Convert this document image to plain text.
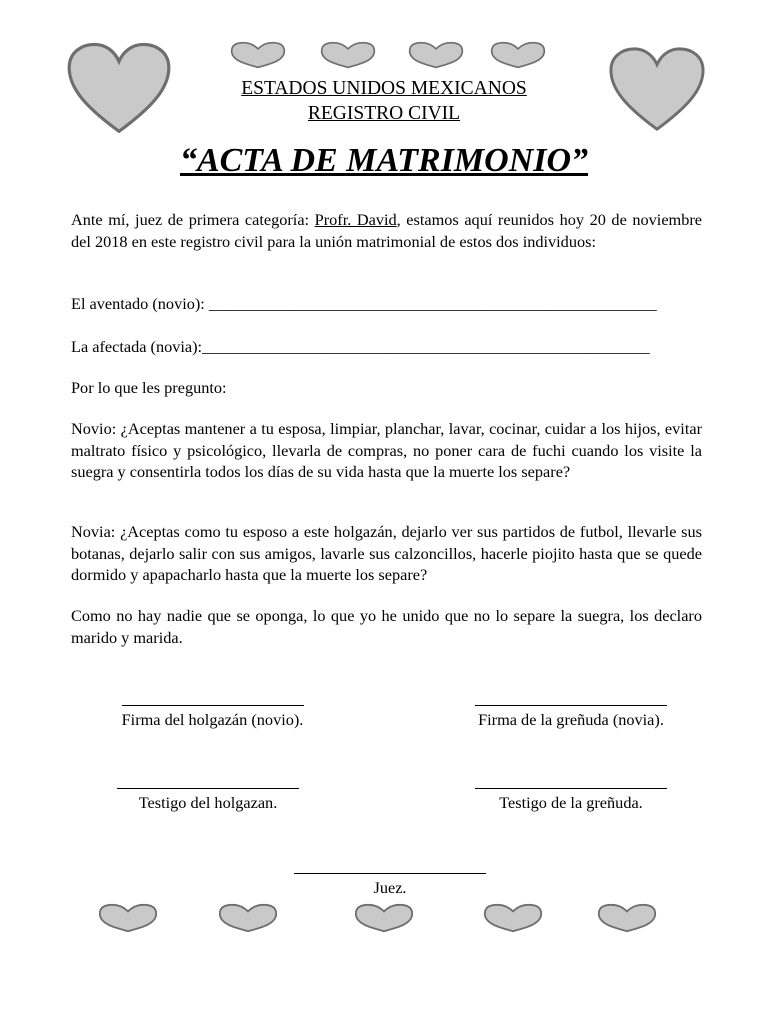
ESTADOS UNIDOS MEXICANOS
REGISTRO CIVIL
“ACTA DE MATRIMONIO”

Ante mí, juez de primera categoría: Profr. David, estamos aquí reunidos hoy 20 de noviembre del 2018 en este registro civil para la unión matrimonial de estos dos individuos:

El aventado (novio): _______________________________________________________
La afectada (novia):_______________________________________________________

Por lo que les pregunto:

Novio: ¿Aceptas mantener a tu esposa, limpiar, planchar, lavar, cocinar, cuidar a los hijos, evitar maltrato físico y psicológico, llevarla de compras, no poner cara de fuchi cuando los visite la suegra y consentirla todos los días de su vida hasta que la muerte los separe?

Novia: ¿Aceptas como tu esposo a este holgazán, dejarlo ver sus partidos de futbol, llevarle sus botanas, dejarlo salir con sus amigos, lavarle sus calzoncillos, hacerle piojito hasta que se quede dormido y apapacharlo hasta que la muerte los separe?

Como no hay nadie que se oponga, lo que yo he unido que no lo separe la suegra, los declaro marido y marida.

Firma del holgazán (novio).	Firma de la greñuda (novia).
Testigo del holgazan.	Testigo de la greñuda.
Juez.
